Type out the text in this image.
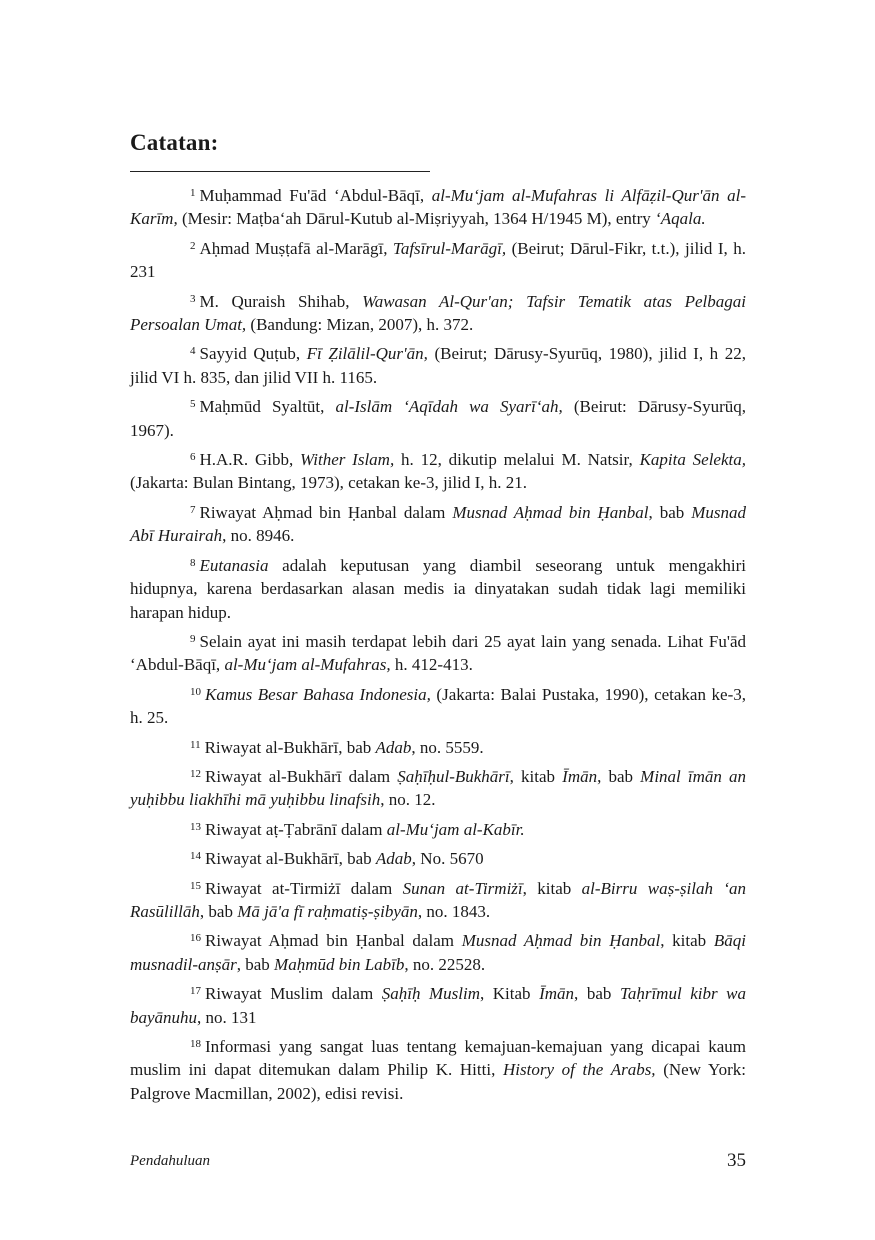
Catatan:

$^1$ Muḥammad Fu'ād ‘Abdul-Bāqī, al-Mu‘jam al-Mufahras li Alfāẓil-Qur'ān al-Karīm, (Mesir: Maṭba‘ah Dārul-Kutub al-Miṣriyyah, 1364 H/1945 M), entry ‘Aqala.

$^2$ Aḥmad Muṣṭafā al-Marāgī, Tafsīrul-Marāgī, (Beirut; Dārul-Fikr, t.t.), jilid I, h. 231

$^3$ M. Quraish Shihab, Wawasan Al-Qur'an; Tafsir Tematik atas Pelbagai Persoalan Umat, (Bandung: Mizan, 2007), h. 372.

$^4$ Sayyid Quṭub, Fī Ẓilālil-Qur'ān, (Beirut; Dārusy-Syurūq, 1980), jilid I, h 22, jilid VI h. 835, dan jilid VII h. 1165.

$^5$ Maḥmūd Syaltūt, al-Islām ‘Aqīdah wa Syarī‘ah, (Beirut: Dārusy-Syurūq, 1967).

$^6$ H.A.R. Gibb, Wither Islam, h. 12, dikutip melalui M. Natsir, Kapita Selekta, (Jakarta: Bulan Bintang, 1973), cetakan ke-3, jilid I, h. 21.

$^7$ Riwayat Aḥmad bin Ḥanbal dalam Musnad Aḥmad bin Ḥanbal, bab Musnad Abī Hurairah, no. 8946.

$^8$ Eutanasia adalah keputusan yang diambil seseorang untuk mengakhiri hidupnya, karena berdasarkan alasan medis ia dinyatakan sudah tidak lagi memiliki harapan hidup.

$^9$ Selain ayat ini masih terdapat lebih dari 25 ayat lain yang senada. Lihat Fu'ād ‘Abdul-Bāqī, al-Mu‘jam al-Mufahras, h. 412-413.

$^{10}$ Kamus Besar Bahasa Indonesia, (Jakarta: Balai Pustaka, 1990), cetakan ke-3, h. 25.

$^{11}$ Riwayat al-Bukhārī, bab Adab, no. 5559.

$^{12}$ Riwayat al-Bukhārī dalam Ṣaḥīḥul-Bukhārī, kitab Īmān, bab Minal īmān an yuḥibbu liakhīhi mā yuḥibbu linafsih, no. 12.

$^{13}$ Riwayat aṭ-Ṭabrānī dalam al-Mu‘jam al-Kabīr.

$^{14}$ Riwayat al-Bukhārī, bab Adab, No. 5670

$^{15}$ Riwayat at-Tirmiżī dalam Sunan at-Tirmiżī, kitab al-Birru waṣ-ṣilah ‘an Rasūlillāh, bab Mā jā'a fī raḥmatiṣ-ṣibyān, no. 1843.

$^{16}$ Riwayat Aḥmad bin Ḥanbal dalam Musnad Aḥmad bin Ḥanbal, kitab Bāqi musnadil-anṣār, bab Maḥmūd bin Labīb, no. 22528.

$^{17}$ Riwayat Muslim dalam Ṣaḥīḥ Muslim, Kitab Īmān, bab Taḥrīmul kibr wa bayānuhu, no. 131

$^{18}$ Informasi yang sangat luas tentang kemajuan-kemajuan yang dicapai kaum muslim ini dapat ditemukan dalam Philip K. Hitti, History of the Arabs, (New York: Palgrove Macmillan, 2002), edisi revisi.

Pendahuluan	35
